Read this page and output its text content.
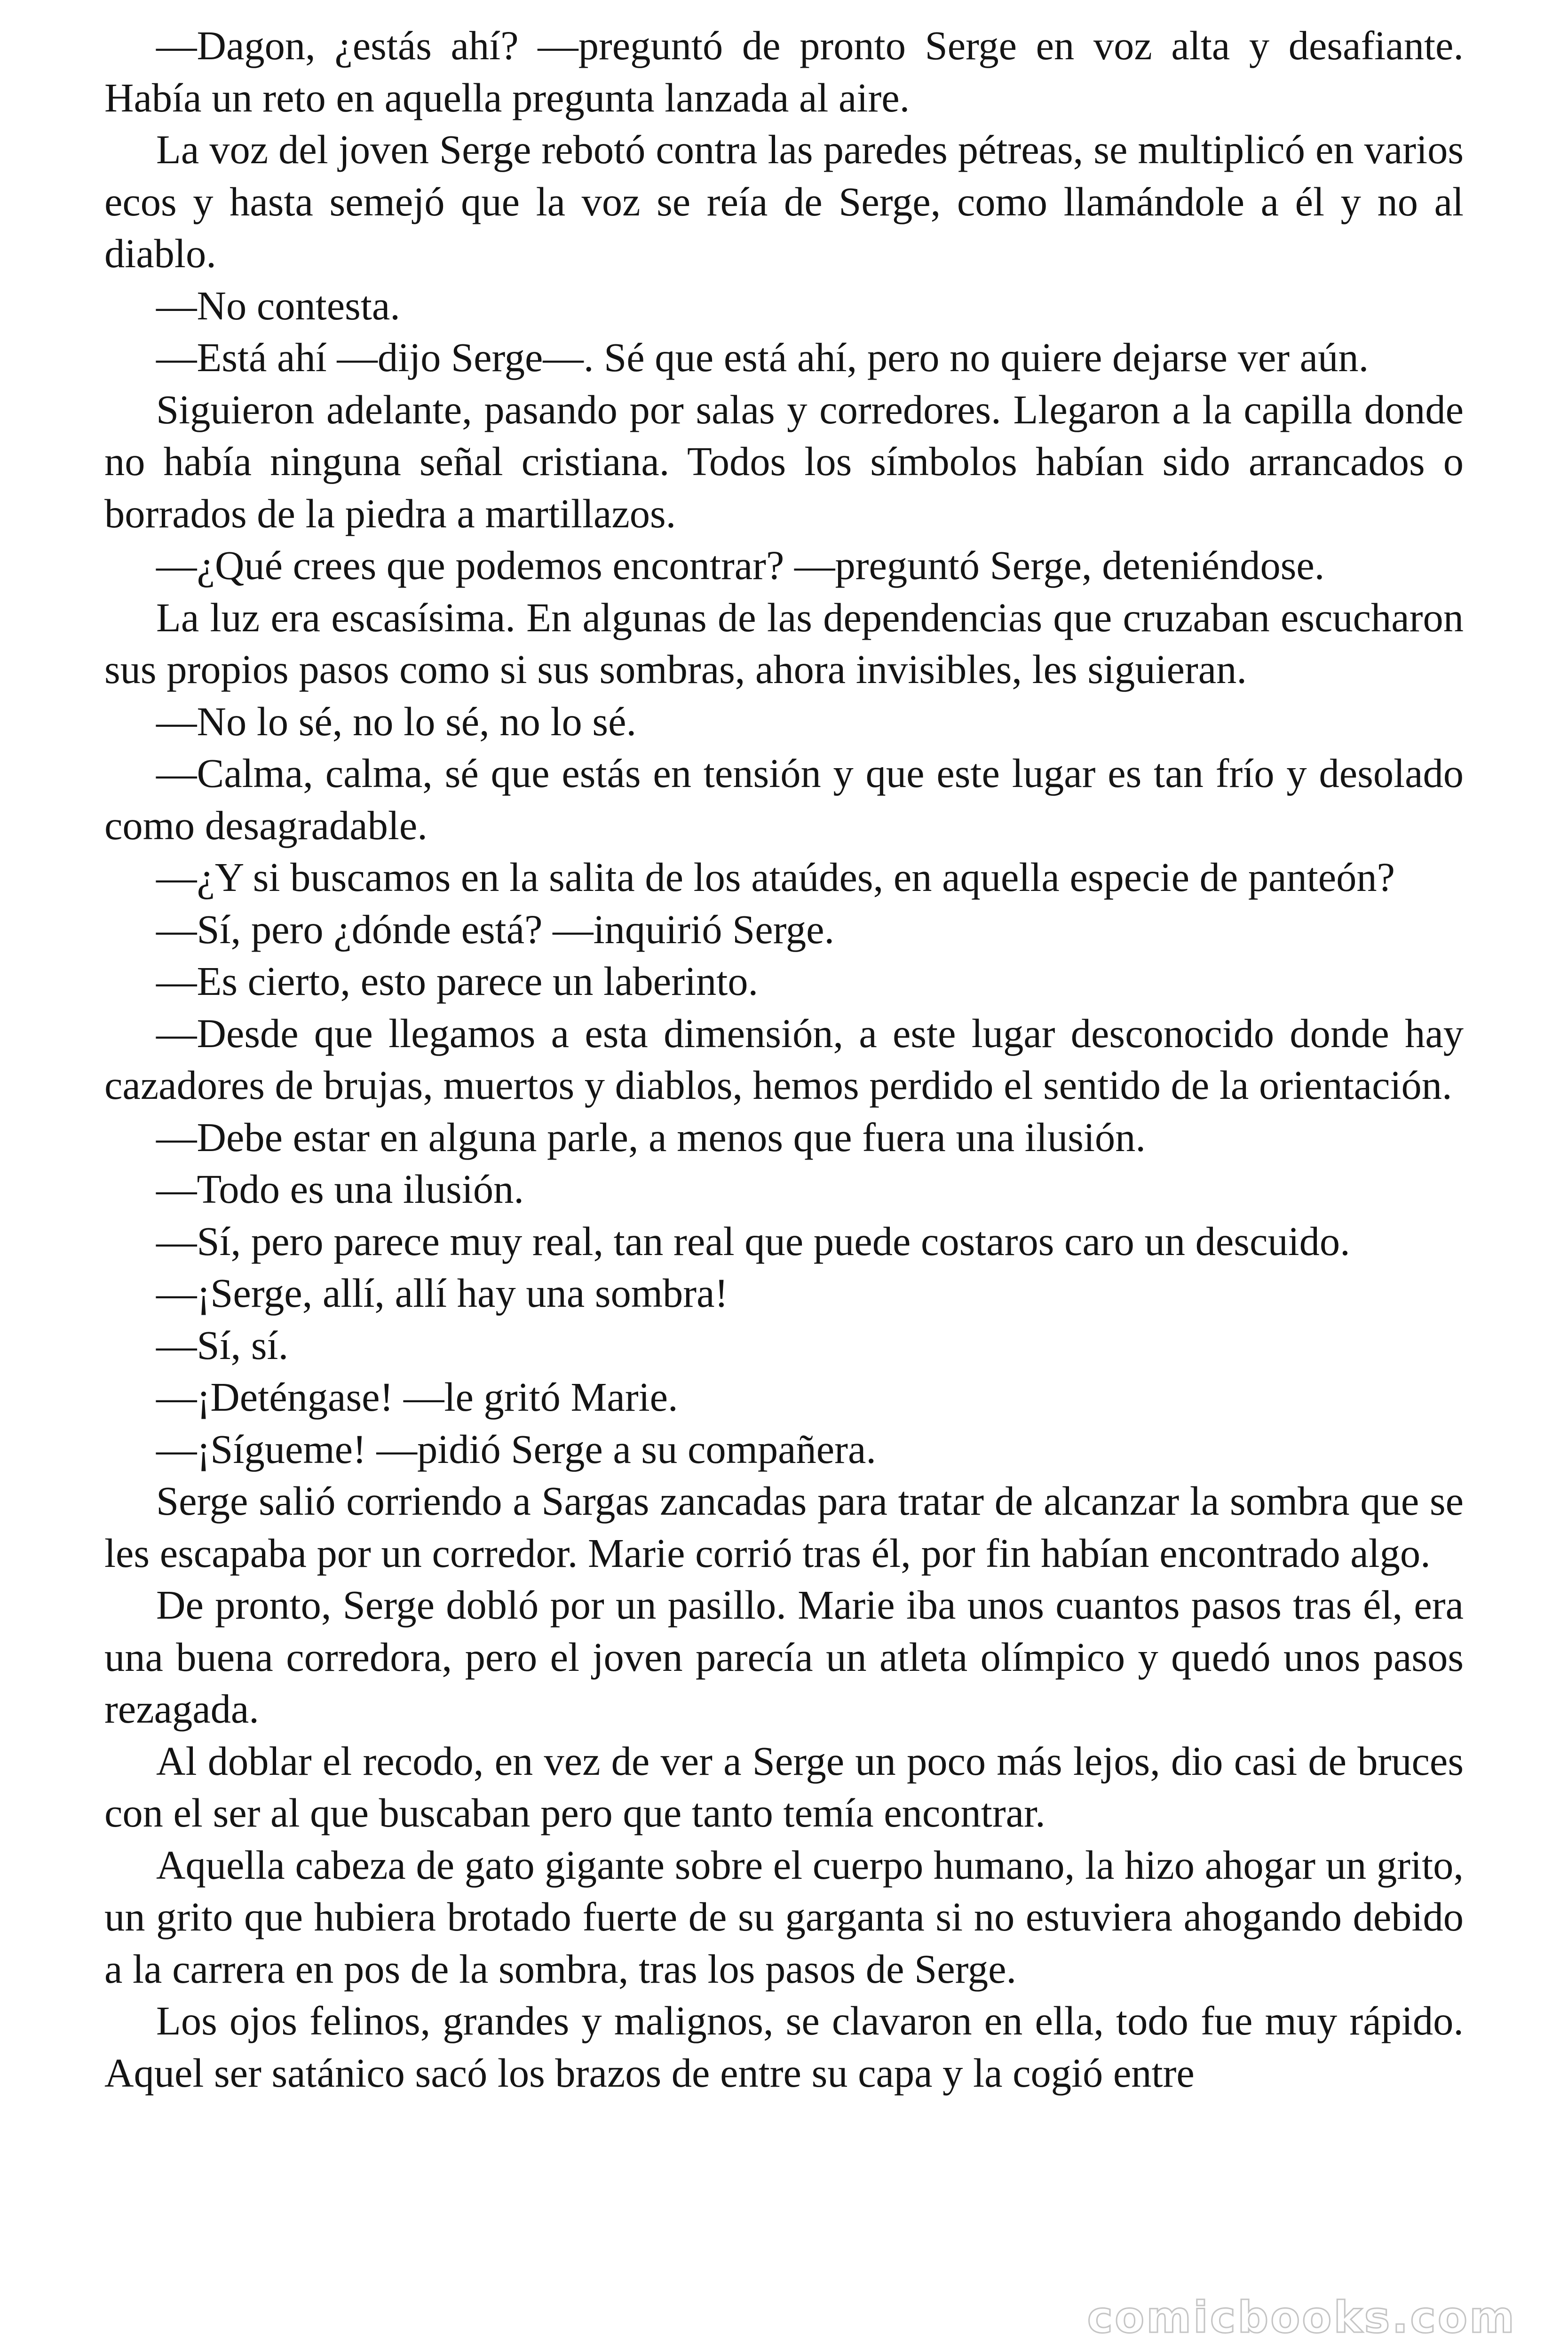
—Dagon, ¿estás ahí? —preguntó de pronto Serge en voz alta y desafiante. Había un reto en aquella pregunta lanzada al aire.

La voz del joven Serge rebotó contra las paredes pétreas, se multiplicó en varios ecos y hasta semejó que la voz se reía de Serge, como llamándole a él y no al diablo.

—No contesta.

—Está ahí —dijo Serge—. Sé que está ahí, pero no quiere dejarse ver aún.

Siguieron adelante, pasando por salas y corredores. Llegaron a la capilla donde no había ninguna señal cristiana. Todos los símbolos habían sido arrancados o borrados de la piedra a martillazos.

—¿Qué crees que podemos encontrar? —preguntó Serge, deteniéndose.

La luz era escasísima. En algunas de las dependencias que cruzaban escucharon sus propios pasos como si sus sombras, ahora invisibles, les siguieran.

—No lo sé, no lo sé, no lo sé.

—Calma, calma, sé que estás en tensión y que este lugar es tan frío y desolado como desagradable.

—¿Y si buscamos en la salita de los ataúdes, en aquella especie de panteón?

—Sí, pero ¿dónde está? —inquirió Serge.

—Es cierto, esto parece un laberinto.

—Desde que llegamos a esta dimensión, a este lugar desconocido donde hay cazadores de brujas, muertos y diablos, hemos perdido el sentido de la orientación.

—Debe estar en alguna parle, a menos que fuera una ilusión.

—Todo es una ilusión.

—Sí, pero parece muy real, tan real que puede costaros caro un descuido.

—¡Serge, allí, allí hay una sombra!

—Sí, sí.

—¡Deténgase! —le gritó Marie.

—¡Sígueme! —pidió Serge a su compañera.

Serge salió corriendo a Sargas zancadas para tratar de alcanzar la sombra que se les escapaba por un corredor. Marie corrió tras él, por fin habían encontrado algo.

De pronto, Serge dobló por un pasillo. Marie iba unos cuantos pasos tras él, era una buena corredora, pero el joven parecía un atleta olímpico y quedó unos pasos rezagada.

Al doblar el recodo, en vez de ver a Serge un poco más lejos, dio casi de bruces con el ser al que buscaban pero que tanto temía encontrar.

Aquella cabeza de gato gigante sobre el cuerpo humano, la hizo ahogar un grito, un grito que hubiera brotado fuerte de su garganta si no estuviera ahogando debido a la carrera en pos de la sombra, tras los pasos de Serge.

Los ojos felinos, grandes y malignos, se clavaron en ella, todo fue muy rápido. Aquel ser satánico sacó los brazos de entre su capa y la cogió entre

comicbooks.com
